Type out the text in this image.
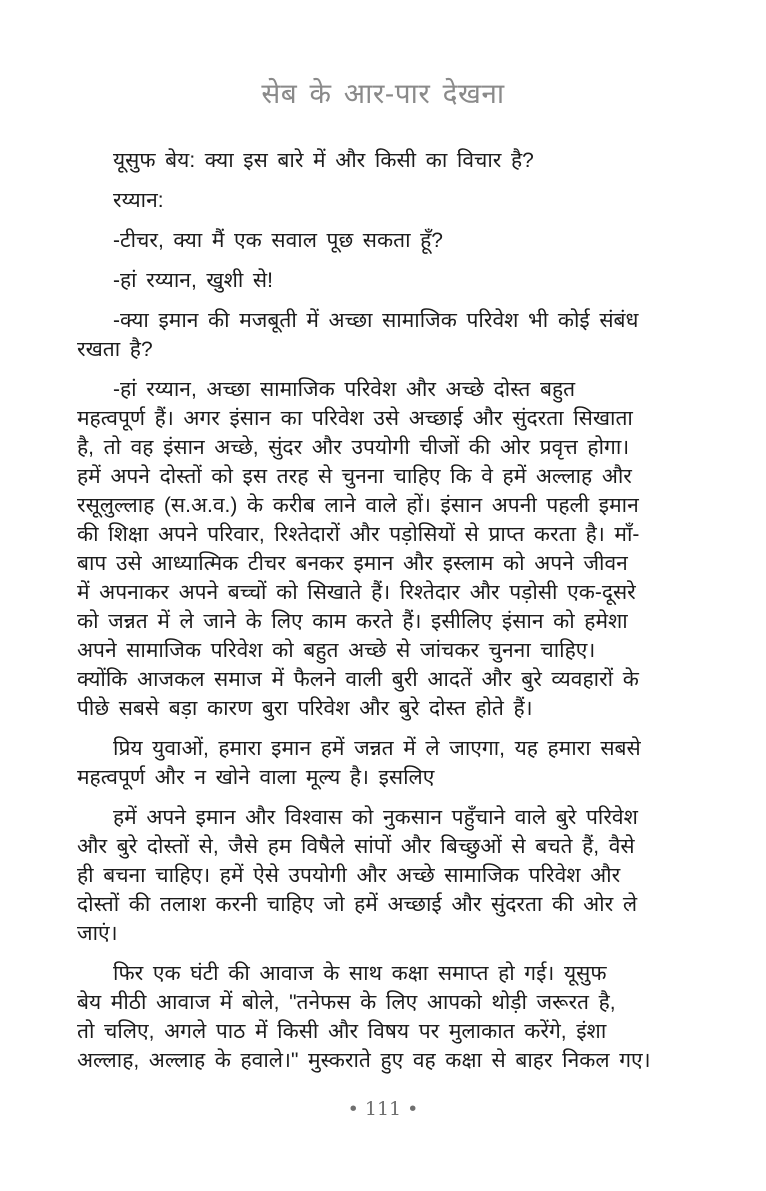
सेब के आर-पार देखना
यूसुफ बेय: क्या इस बारे में और किसी का विचार है?
रय्यान:
-टीचर, क्या मैं एक सवाल पूछ सकता हूँ?
-हां रय्यान, खुशी से!
-क्या इमान की मजबूती में अच्छा सामाजिक परिवेश भी कोई संबंध
रखता है?
-हां रय्यान, अच्छा सामाजिक परिवेश और अच्छे दोस्त बहुत
महत्वपूर्ण हैं। अगर इंसान का परिवेश उसे अच्छाई और सुंदरता सिखाता
है, तो वह इंसान अच्छे, सुंदर और उपयोगी चीजों की ओर प्रवृत्त होगा।
हमें अपने दोस्तों को इस तरह से चुनना चाहिए कि वे हमें अल्लाह और
रसूलुल्लाह (स.अ.व.) के करीब लाने वाले हों। इंसान अपनी पहली इमान
की शिक्षा अपने परिवार, रिश्तेदारों और पड़ोसियों से प्राप्त करता है। माँ-
बाप उसे आध्यात्मिक टीचर बनकर इमान और इस्लाम को अपने जीवन
में अपनाकर अपने बच्चों को सिखाते हैं। रिश्तेदार और पड़ोसी एक-दूसरे
को जन्नत में ले जाने के लिए काम करते हैं। इसीलिए इंसान को हमेशा
अपने सामाजिक परिवेश को बहुत अच्छे से जांचकर चुनना चाहिए।
क्योंकि आजकल समाज में फैलने वाली बुरी आदतें और बुरे व्यवहारों के
पीछे सबसे बड़ा कारण बुरा परिवेश और बुरे दोस्त होते हैं।
प्रिय युवाओं, हमारा इमान हमें जन्नत में ले जाएगा, यह हमारा सबसे
महत्वपूर्ण और न खोने वाला मूल्य है। इसलिए
हमें अपने इमान और विश्वास को नुकसान पहुँचाने वाले बुरे परिवेश
और बुरे दोस्तों से, जैसे हम विषैले सांपों और बिच्छुओं से बचते हैं, वैसे
ही बचना चाहिए। हमें ऐसे उपयोगी और अच्छे सामाजिक परिवेश और
दोस्तों की तलाश करनी चाहिए जो हमें अच्छाई और सुंदरता की ओर ले
जाएं।
फिर एक घंटी की आवाज के साथ कक्षा समाप्त हो गई। यूसुफ
बेय मीठी आवाज में बोले, "तनेफस के लिए आपको थोड़ी जरूरत है,
तो चलिए, अगले पाठ में किसी और विषय पर मुलाकात करेंगे, इंशा
अल्लाह, अल्लाह के हवाले।" मुस्कराते हुए वह कक्षा से बाहर निकल गए।
• 111 •
